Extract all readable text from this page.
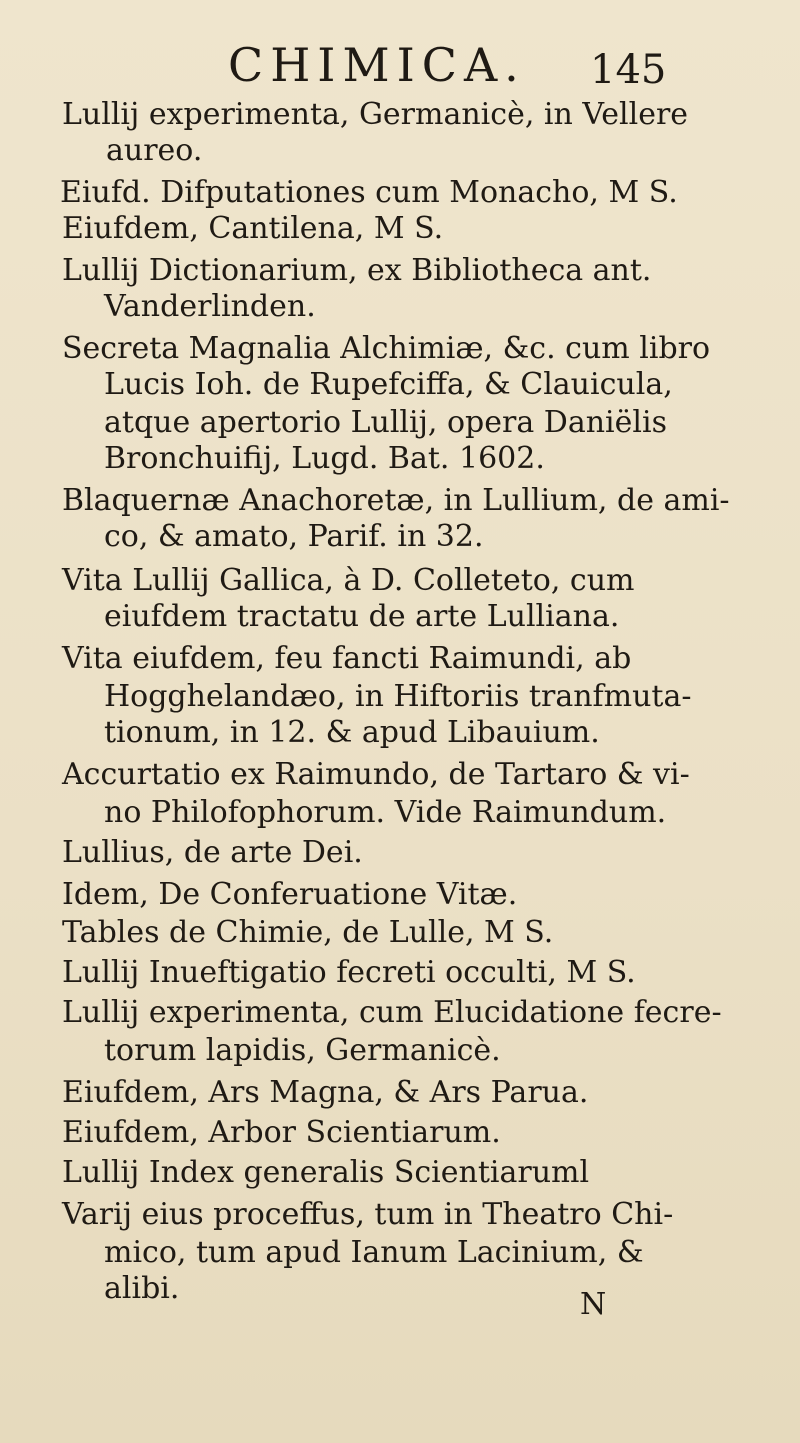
CHIMICA. 145
Lullij experimenta, Germanicè, in Vellere
aureo.
Eiufd. Difputationes cum Monacho, M S.
Eiufdem, Cantilena, M S.
Lullij Dictionarium, ex Bibliotheca ant.
Vanderlinden.
Secreta Magnalia Alchimiæ, &c. cum libro
Lucis Ioh. de Rupefciffa, & Clauicula,
atque apertorio Lullij, opera Daniëlis
Bronchuifij, Lugd. Bat. 1602.
Blaquernæ Anachoretæ, in Lullium, de ami-
co, & amato, Parif. in 32.
Vita Lullij Gallica, à D. Colleteto, cum
eiufdem tractatu de arte Lulliana.
Vita eiufdem, feu fancti Raimundi, ab
Hogghelandæo, in Hiftoriis tranfmuta-
tionum, in 12. & apud Libauium.
Accurtatio ex Raimundo, de Tartaro & vi-
no Philofophorum. Vide Raimundum.
Lullius, de arte Dei.
Idem, De Conferuatione Vitæ.
Tables de Chimie, de Lulle, M S.
Lullij Inueftigatio fecreti occulti, M S.
Lullij experimenta, cum Elucidatione fecre-
torum lapidis, Germanicè.
Eiufdem, Ars Magna, & Ars Parua.
Eiufdem, Arbor Scientiarum.
Lullij Index generalis Scientiaruml
Varij eius proceffus, tum in Theatro Chi-
mico, tum apud Ianum Lacinium, &
alibi.	N
